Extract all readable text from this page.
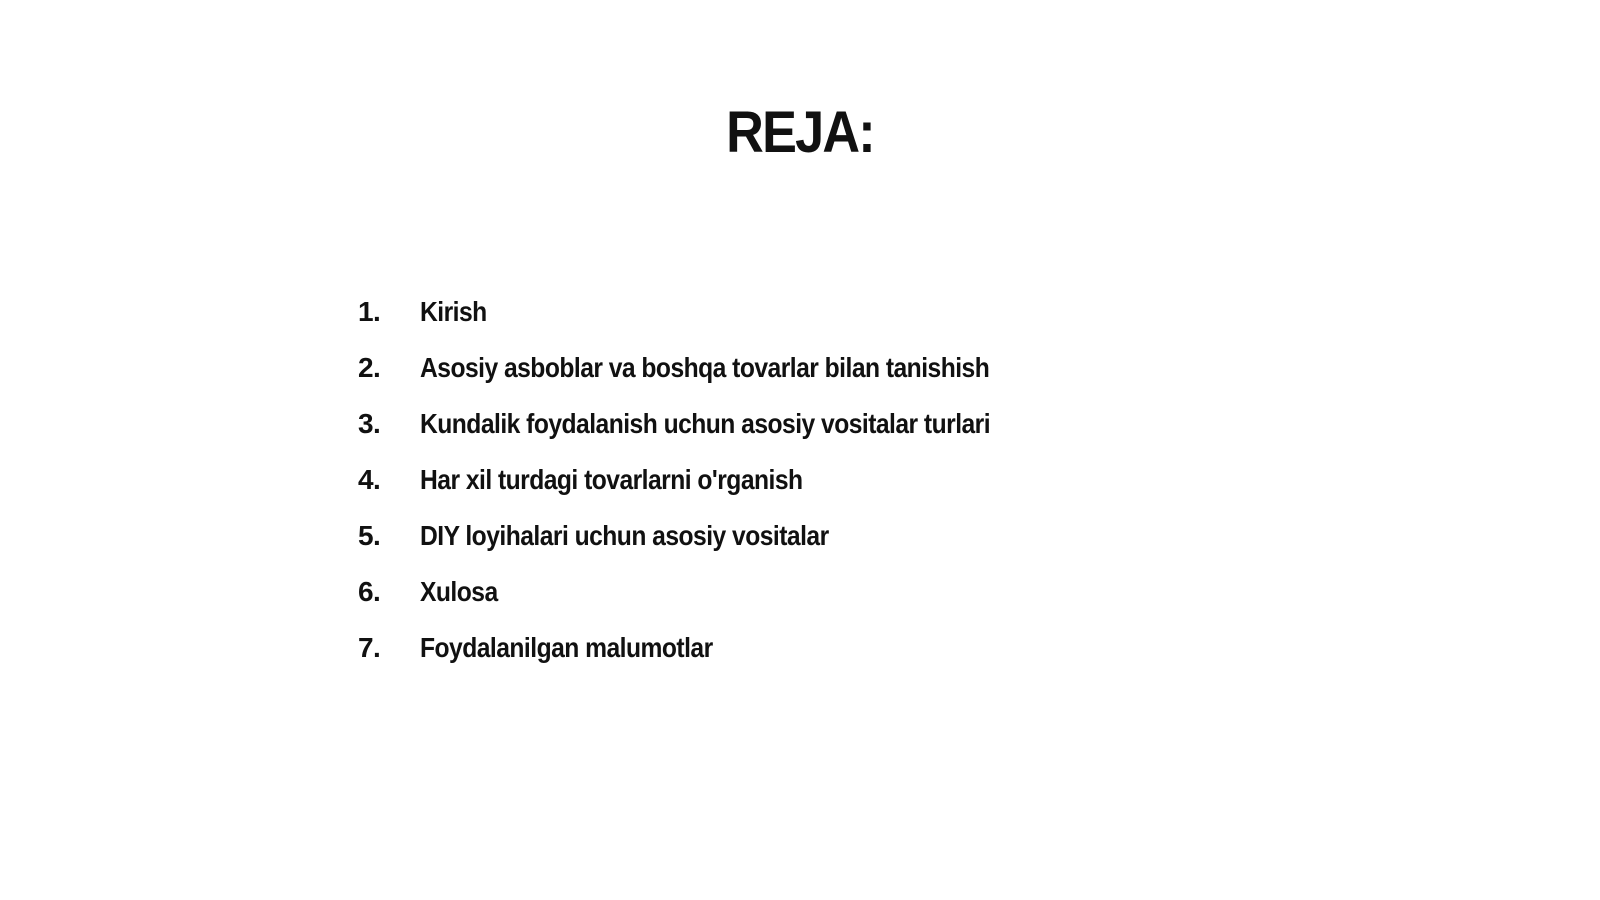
REJA:
1.	Kirish
2.	Asosiy asboblar va boshqa tovarlar bilan tanishish
3.	Kundalik foydalanish uchun asosiy vositalar turlari
4.	Har xil turdagi tovarlarni o'rganish
5.	DIY loyihalari uchun asosiy vositalar
6.	Xulosa
7.	Foydalanilgan malumotlar
